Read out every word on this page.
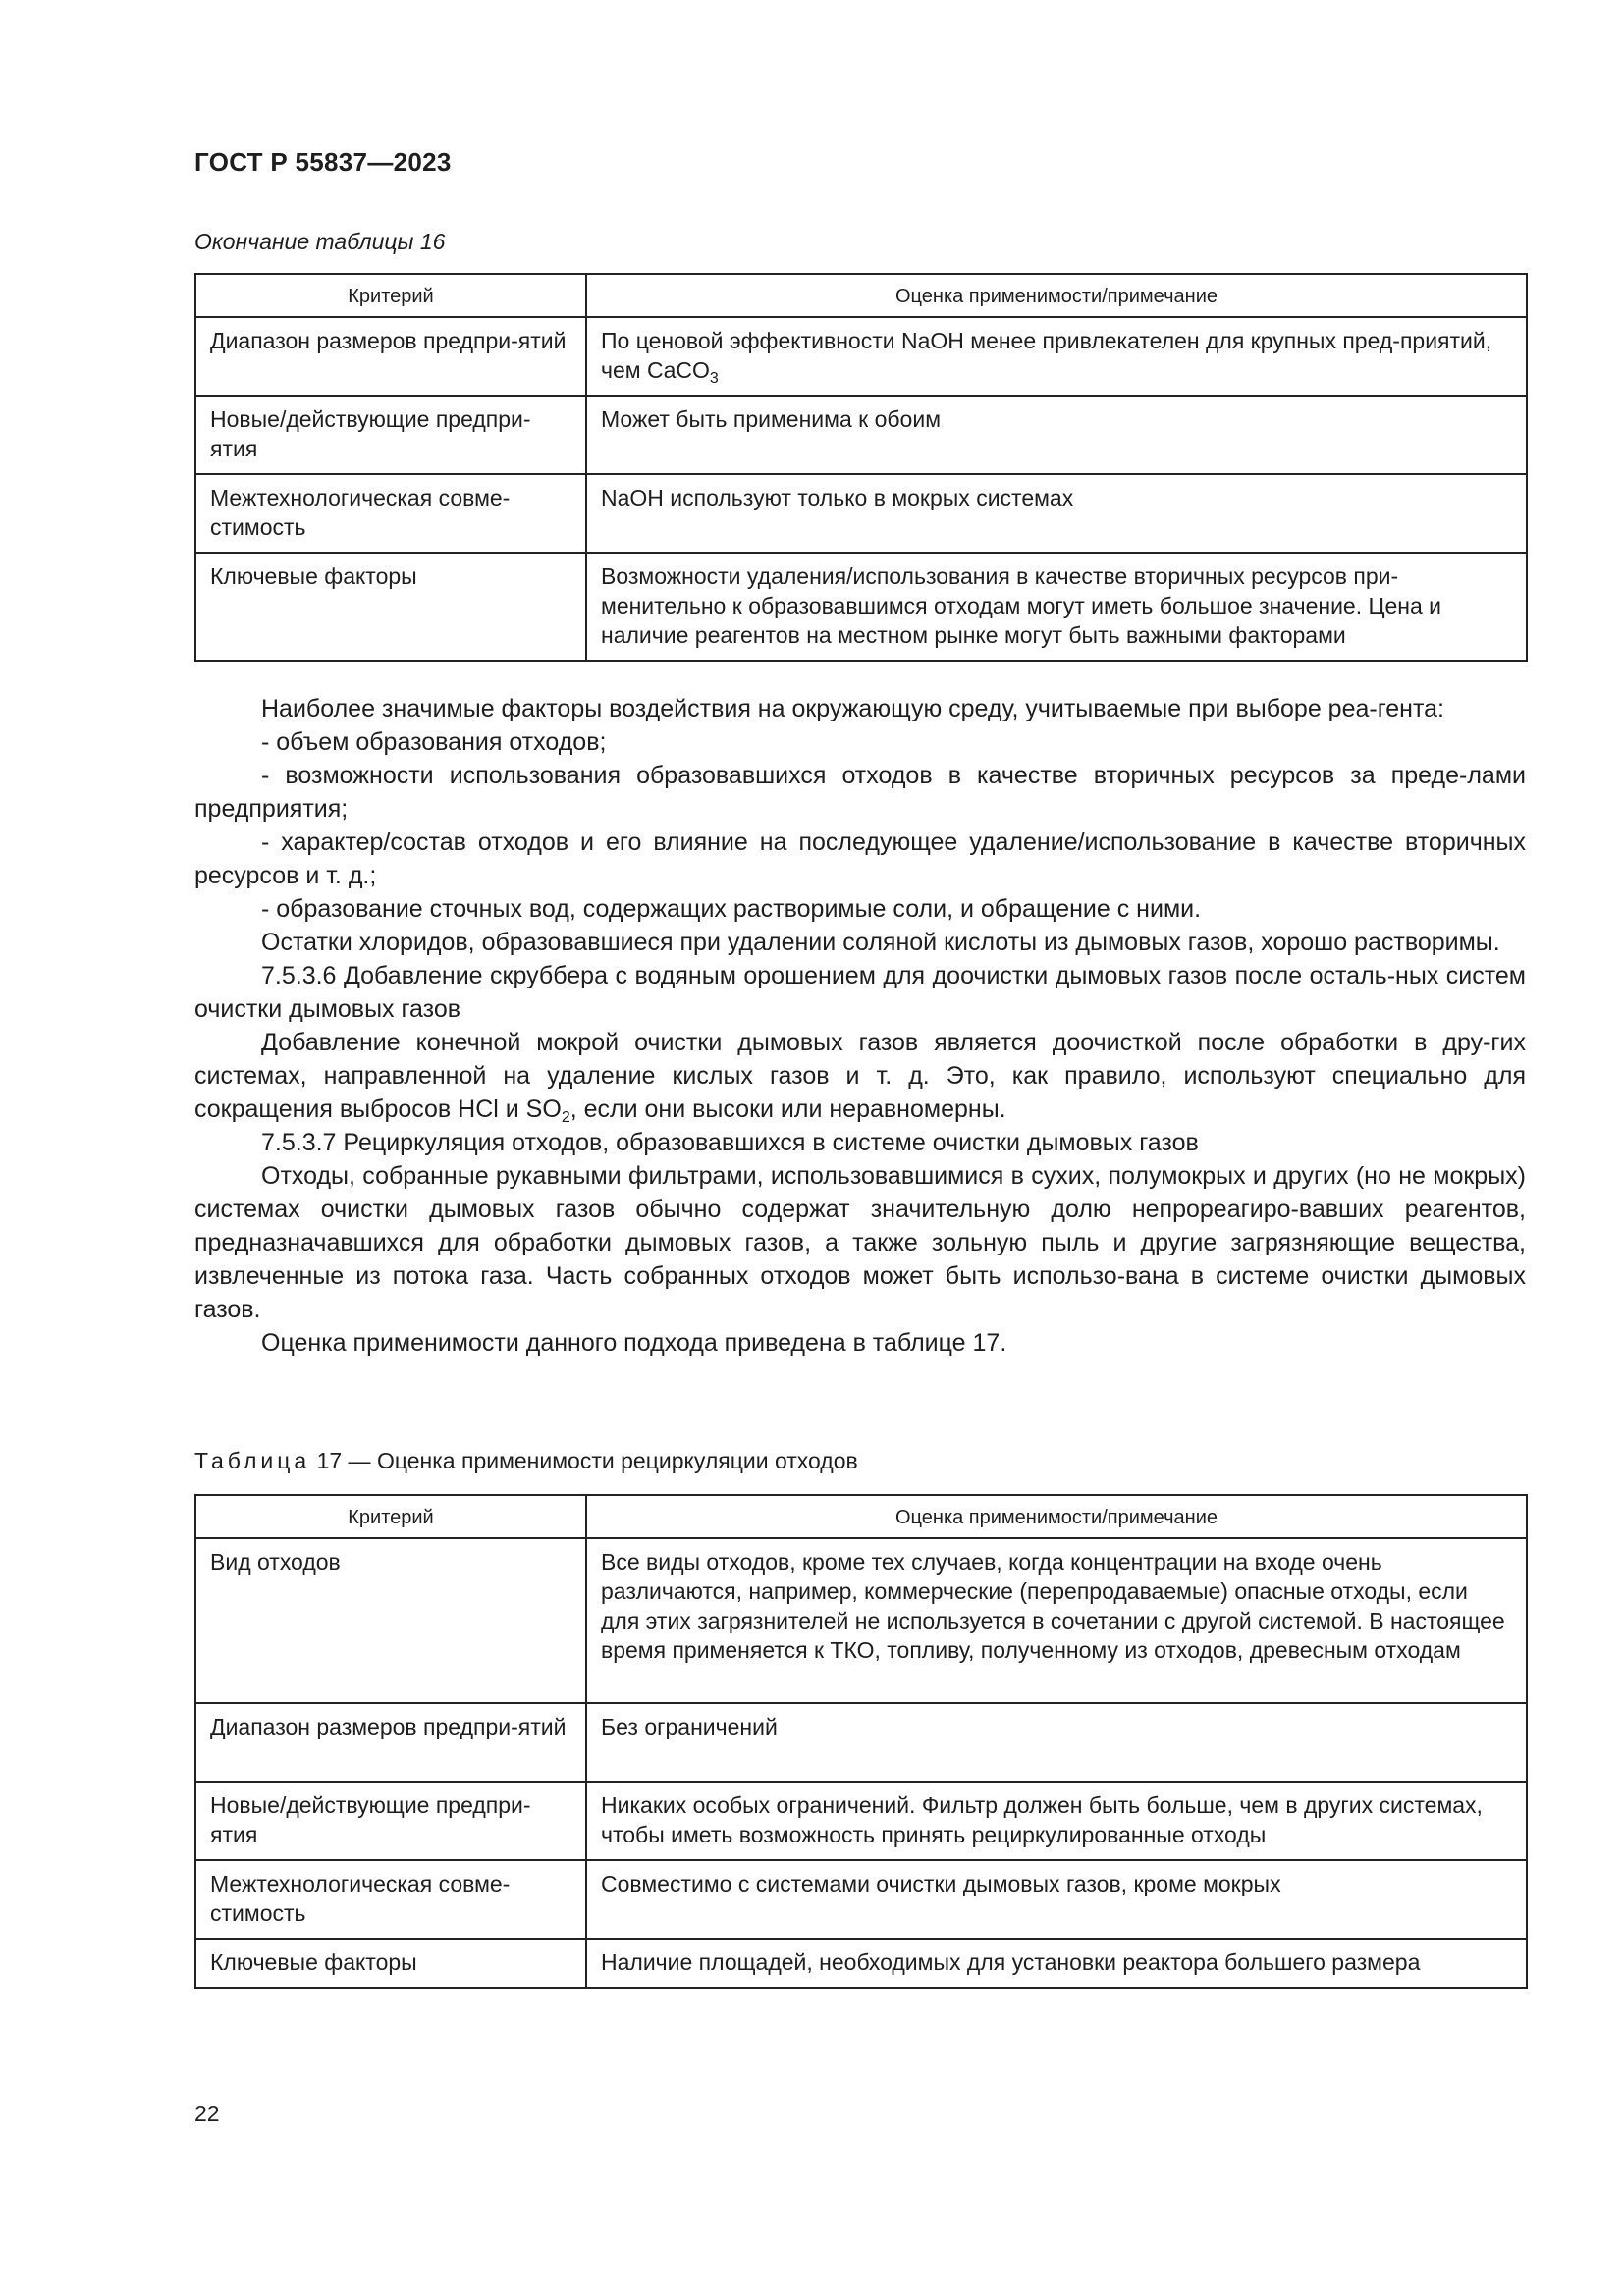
ГОСТ Р 55837—2023
Окончание таблицы 16
Критерий	Оценка применимости/примечание
Диапазон размеров предпри-ятий	По ценовой эффективности NaOH менее привлекателен для крупных пред-приятий, чем CaCO$_3$
Новые/действующие предпри-ятия	Может быть применима к обоим
Межтехнологическая совме-стимость	NaOH используют только в мокрых системах
Ключевые факторы	Возможности удаления/использования в качестве вторичных ресурсов при-менительно к образовавшимся отходам могут иметь большое значение. Цена и наличие реагентов на местном рынке могут быть важными факторами

Наиболее значимые факторы воздействия на окружающую среду, учитываемые при выборе реа-гента:

- объем образования отходов;

- возможности использования образовавшихся отходов в качестве вторичных ресурсов за преде-лами предприятия;

- характер/состав отходов и его влияние на последующее удаление/использование в качестве вторичных ресурсов и т. д.;

- образование сточных вод, содержащих растворимые соли, и обращение с ними.

Остатки хлоридов, образовавшиеся при удалении соляной кислоты из дымовых газов, хорошо растворимы.

7.5.3.6 Добавление скруббера с водяным орошением для доочистки дымовых газов после осталь-ных систем очистки дымовых газов

Добавление конечной мокрой очистки дымовых газов является доочисткой после обработки в дру-гих системах, направленной на удаление кислых газов и т. д. Это, как правило, используют специально для сокращения выбросов HCl и $SO_2$, если они высоки или неравномерны.

7.5.3.7 Рециркуляция отходов, образовавшихся в системе очистки дымовых газов

Отходы, собранные рукавными фильтрами, использовавшимися в сухих, полумокрых и других (но не мокрых) системах очистки дымовых газов обычно содержат значительную долю непрореагиро-вавших реагентов, предназначавшихся для обработки дымовых газов, а также зольную пыль и другие загрязняющие вещества, извлеченные из потока газа. Часть собранных отходов может быть использо-вана в системе очистки дымовых газов.

Оценка применимости данного подхода приведена в таблице 17.

Таблица 17 — Оценка применимости рециркуляции отходов
Критерий	Оценка применимости/примечание
Вид отходов	Все виды отходов, кроме тех случаев, когда концентрации на входе очень различаются, например, коммерческие (перепродаваемые) опасные отходы, если для этих загрязнителей не используется в сочетании с другой системой. В настоящее время применяется к ТКО, топливу, полученному из отходов, древесным отходам
Диапазон размеров предпри-ятий	Без ограничений
Новые/действующие предпри-ятия	Никаких особых ограничений. Фильтр должен быть больше, чем в других системах, чтобы иметь возможность принять рециркулированные отходы
Межтехнологическая совме-стимость	Совместимо с системами очистки дымовых газов, кроме мокрых
Ключевые факторы	Наличие площадей, необходимых для установки реактора большего размера
22
